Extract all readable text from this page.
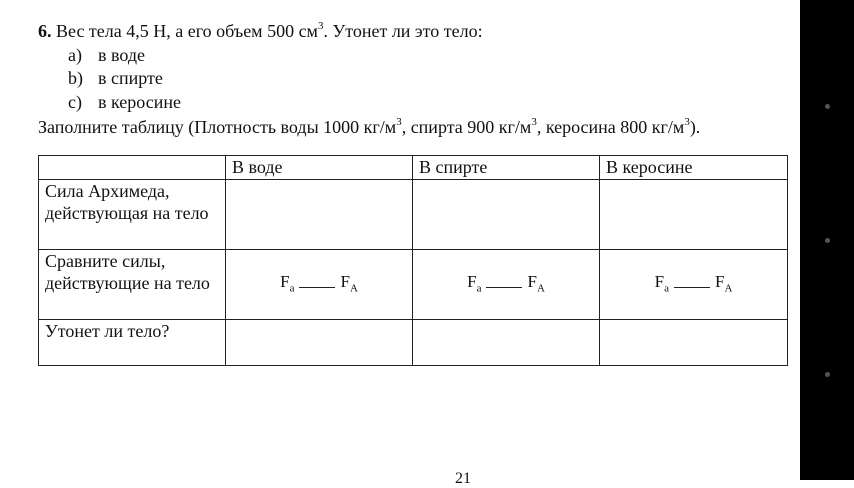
6. Вес тела 4,5 Н, а его объем 500 $см^3$. Утонет ли это тело:
а) в воде
b) в спирте
c) в керосине
Заполните таблицу (Плотность воды 1000 $кг/м^3$, спирта 900 $кг/м^3$, керосина 800 $кг/м^3$).
	В воде	В спирте	В керосине
Сила Архимеда, действующая на тело			
Сравните силы, действующие на тело	$F_a$ $F_A$	$F_a$ $F_A$	$F_a$ $F_A$
Утонет ли тело?			
21
